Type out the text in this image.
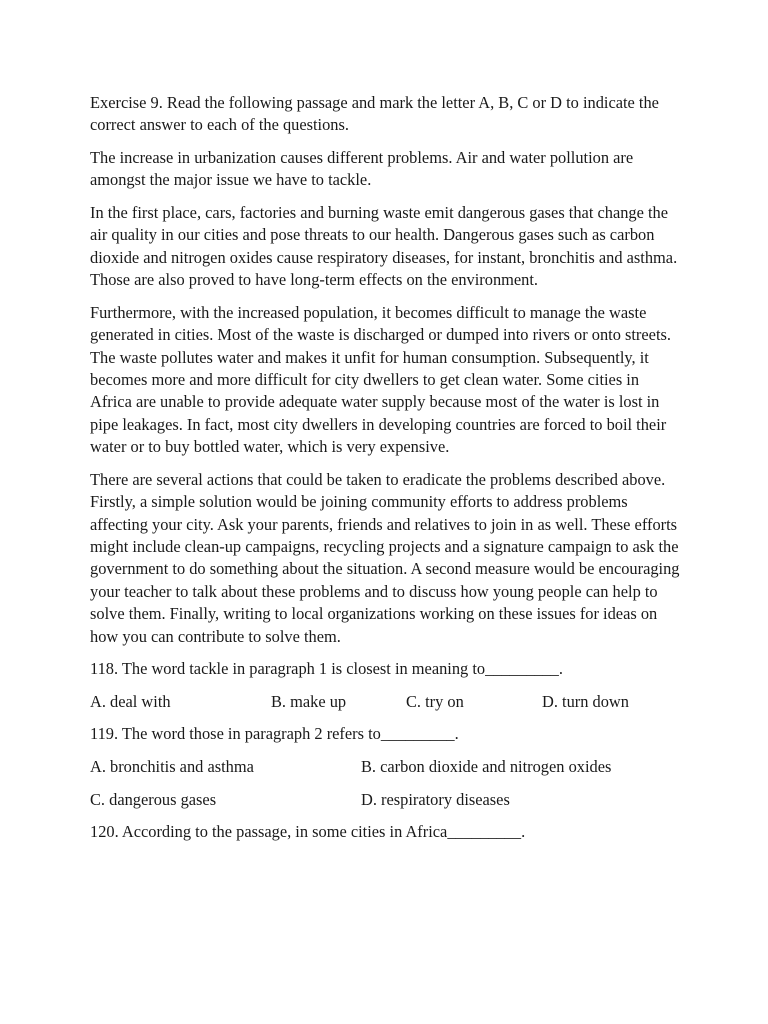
Exercise 9. Read the following passage and mark the letter A, B, C or D to indicate the correct answer to each of the questions.

The increase in urbanization causes different problems. Air and water pollution are amongst the major issue we have to tackle.

In the first place, cars, factories and burning waste emit dangerous gases that change the air quality in our cities and pose threats to our health. Dangerous gases such as carbon dioxide and nitrogen oxides cause respiratory diseases, for instant, bronchitis and asthma. Those are also proved to have long-term effects on the environment.

Furthermore, with the increased population, it becomes difficult to manage the waste generated in cities. Most of the waste is discharged or dumped into rivers or onto streets. The waste pollutes water and makes it unfit for human consumption. Subsequently, it becomes more and more difficult for city dwellers to get clean water. Some cities in Africa are unable to provide adequate water supply because most of the water is lost in pipe leakages. In fact, most city dwellers in developing countries are forced to boil their water or to buy bottled water, which is very expensive.

There are several actions that could be taken to eradicate the problems described above. Firstly, a simple solution would be joining community efforts to address problems affecting your city. Ask your parents, friends and relatives to join in as well. These efforts might include clean-up campaigns, recycling projects and a signature campaign to ask the government to do something about the situation. A second measure would be encouraging your teacher to talk about these problems and to discuss how young people can help to solve them. Finally, writing to local organizations working on these issues for ideas on how you can contribute to solve them.

118. The word tackle in paragraph 1 is closest in meaning to_________.

A. deal with	B. make up	C. try on	D. turn down

119. The word those in paragraph 2 refers to_________.

A. bronchitis and asthma	B. carbon dioxide and nitrogen oxides
C. dangerous gases	D. respiratory diseases

120. According to the passage, in some cities in Africa_________.
